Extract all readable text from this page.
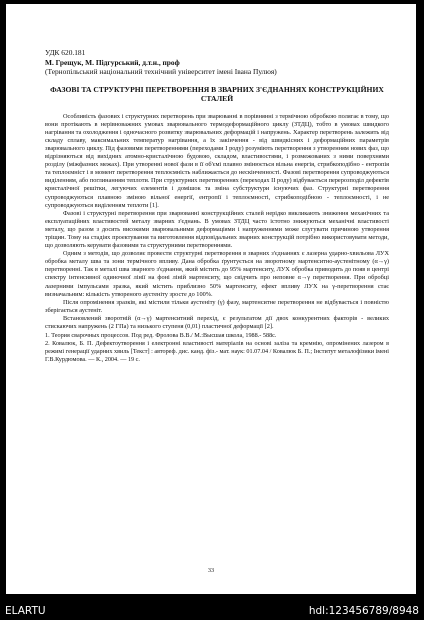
УДК 620.181
М. Грещук, М. Підгурський, д.т.н., проф
(Тернопільський національний технічний університет імені Івана Пулюя)
ФАЗОВІ ТА СТРУКТУРНІ ПЕРЕТВОРЕННЯ В ЗВАРНИХ З'ЄДНАННЯХ КОНСТРУКЦІЙНИХ СТАЛЕЙ

Особливість фазових і структурних перетворень при зварюванні в порівнянні з термічною обробкою полягає в тому, що вони протікають в нерівноважних умовах зварювального термодеформаційного циклу (ЗТДЦ), тобто в умовах швидкого нагрівання та охолодження і одночасного розвитку зварювальних деформацій і напружень. Характер перетворень залежить від складу сплаву, максимальних температур нагрівання, а їх закінчення - від швидкісних і деформаційних параметрів зварювального циклу. Під фазовими перетвореннями (переходами І роду) розуміють перетворення з утворенням нових фаз, що відрізняються від вихідних атомно-кристалічною будовою, складом, властивостями, і розмежованих з ними поверхнями розділу (міжфазних межах). При утворенні нової фази в її об'ємі плавно змінюється вільна енергія, стрибкоподібно - ентропія та теплоємніст і в момент перетворення теплоємність наближається до нескінченності. Фазові перетворення супроводжуються виділенням, або поглинанням теплоти. При структурних перетвореннях (переходах ІІ роду) відбувається перерозподіл дефектів кристалічної решітки, легуючих елементів і домішок та зміна субструктури існуючих фаз. Структурні перетворення супроводжуються плавною зміною вільної енергії, ентропії і теплоємності, стрибкоподібною - теплоємності, і не супроводжуються виділенням теплоти [1].

Фазові і структурні перетворення при зварюванні конструкційних сталей нерідко викликають зниження механічних та експлуатаційних властивостей металу зварних з'єднань. В умовах ЗТДЦ часто істотно знижуються механічні властивості металу, що разом з досить високими зварювальними деформаціями і напруженнями може слугувати причиною утворення тріщин. Тому на стадіях проектування та виготовлення відповідальних зварних конструкцій потрібно використовувати методи, що дозволяють керувати фазовими та структурними перетвореннями.

Одним з методів, що дозволяє провести структурні перетворення в зварних з'єднаннях є лазерна ударно-хвильова ЛУХ обробка металу шва та зони термічного впливу. Дана обробка ґрунтується на зворотному мартенситно-аустенітному (α→γ) перетворенні. Так в металі шва зварного з'єднання, який містить до 95% мартенситу, ЛУХ обробка приводить до появ в центрі спектру інтенсивної одиночної лінії на фоні ліній мартенситу, що свідчить про неповне α→γ перетворення. При обробці лазерними імпульсами зразка, який містить приблизно 50% мартенситу, ефект впливу ЛУХ на γ-перетворення стає визначальним: кількість утвореного аустеніту зросте до 100%.

Після опромінення зразків, які містили тільки аустеніту (γ) фазу, мартенситне перетворення не відбувається і повністю зберігається аустеніт.

Встановлений зворотній (α→γ) мартенситний перехід, є результатом дії двох конкурентних факторів - великих стискаючих напружень (2 ГПа) та низького ступеня (0,01) пластичної деформації [2].

1. Теория сварочных процессов. Под ред. Фролова В.В./ М.:Высшая школа, 1988.- 588с.

2. Ковалюк, Б. П. Дефектоутворення і електронні властивості матеріалів на основі заліза та кремнію, опромінених лазером в режимі генерації ударних хвиль [Текст] : автореф. дис. канд. фіз.- мат. наук: 01.07.04 / Ковалюк Б. П.; Інститут металофізики імені Г.В.Курдюмова. — К., 2004. — 19 с.

33
ELARTU	hdl:123456789/8948
